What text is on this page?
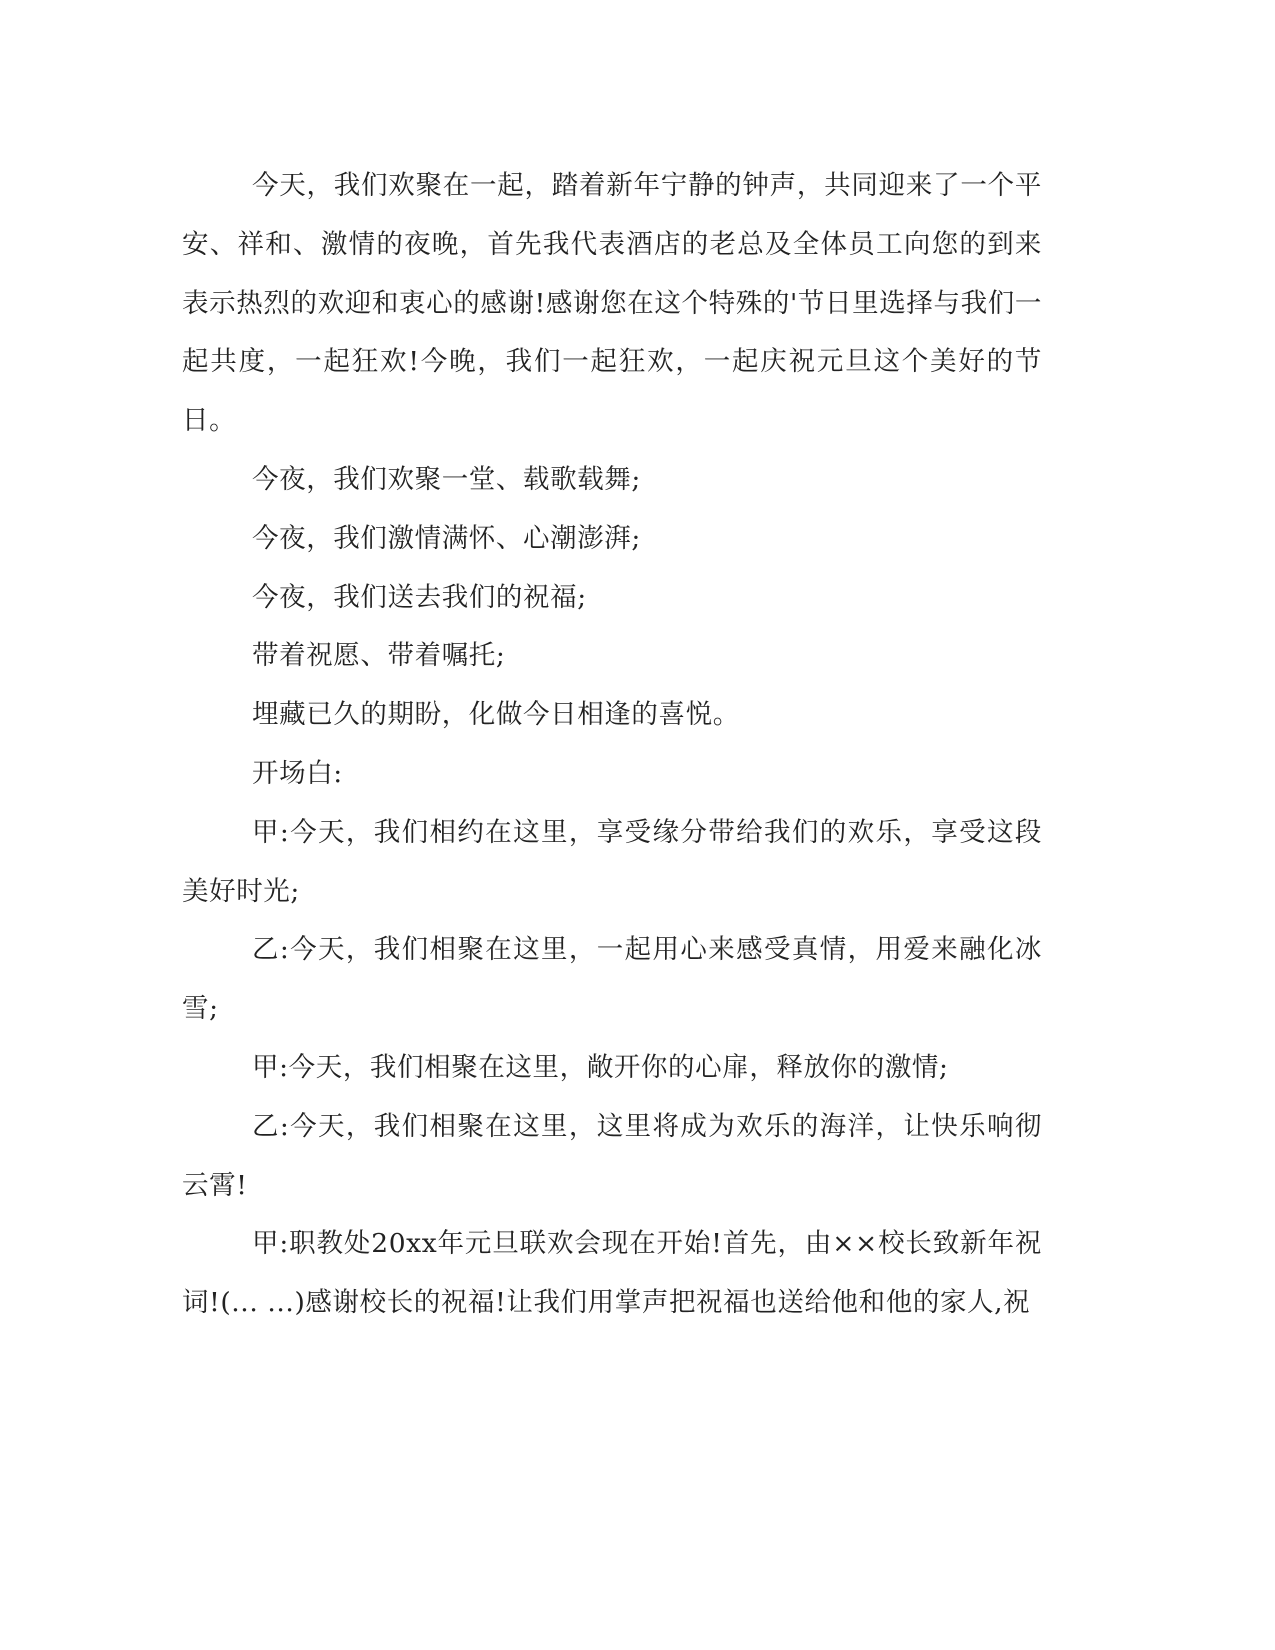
今天，我们欢聚在一起，踏着新年宁静的钟声，共同迎来了一个平安、祥和、激情的夜晚，首先我代表酒店的老总及全体员工向您的到来表示热烈的欢迎和衷心的感谢!感谢您在这个特殊的'节日里选择与我们一起共度，一起狂欢!今晚，我们一起狂欢，一起庆祝元旦这个美好的节日。

今夜，我们欢聚一堂、载歌载舞;

今夜，我们激情满怀、心潮澎湃;

今夜，我们送去我们的祝福;

带着祝愿、带着嘱托;

埋藏已久的期盼，化做今日相逢的喜悦。

开场白:

甲:今天，我们相约在这里，享受缘分带给我们的欢乐，享受这段美好时光;

乙:今天，我们相聚在这里，一起用心来感受真情，用爱来融化冰雪;

甲:今天，我们相聚在这里，敞开你的心扉，释放你的激情;

乙:今天，我们相聚在这里，这里将成为欢乐的海洋，让快乐响彻云霄!

甲:职教处20xx年元旦联欢会现在开始!首先，由××校长致新年祝词!(... ...)感谢校长的祝福!让我们用掌声把祝福也送给他和他的家人,祝
